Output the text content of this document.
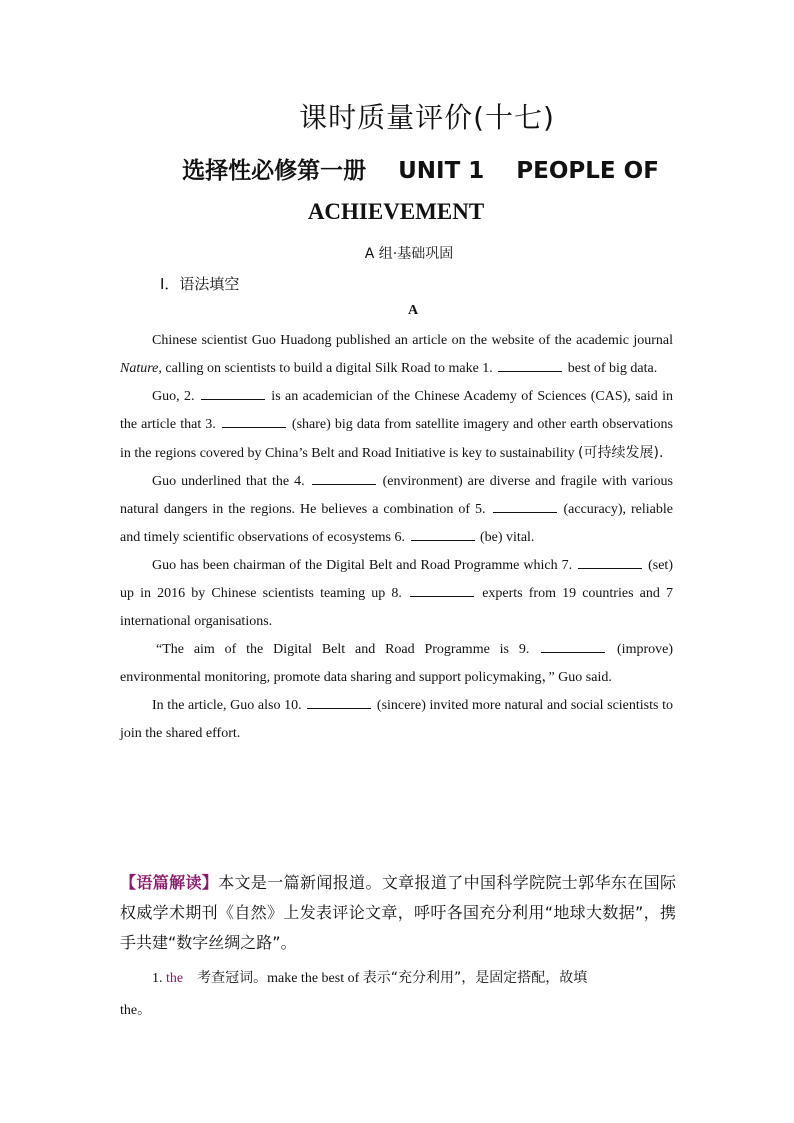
课时质量评价(十七)
选择性必修第一册    UNIT 1    PEOPLE OF
ACHIEVEMENT
A 组·基础巩固
Ⅰ．语法填空
A

Chinese scientist Guo Huadong published an article on the website of the academic journal Nature, calling on scientists to build a digital Silk Road to make 1.	best of big data.

Guo, 2.	is an academician of the Chinese Academy of Sciences (CAS), said in the article that 3.	(share) big data from satellite imagery and other earth observations in the regions covered by China’s Belt and Road Initiative is key to sustainability (可持续发展).

Guo underlined that the 4.	(environment) are diverse and fragile with various natural dangers in the regions. He believes a combination of 5.	(accuracy), reliable and timely scientific observations of ecosystems 6.	(be) vital.

Guo has been chairman of the Digital Belt and Road Programme which 7.	(set) up in 2016 by Chinese scientists teaming up 8.	experts from 19 countries and 7 international organisations.

“The aim of the Digital Belt and Road Programme is 9.	(improve) environmental monitoring, promote data sharing and support policymaking，” Guo said.

In the article, Guo also 10.	(sincere) invited more natural and social scientists to join the shared effort.

【语篇解读】本文是一篇新闻报道。文章报道了中国科学院院士郭华东在国际权威学术期刊《自然》上发表评论文章，呼吁各国充分利用“地球大数据”，携手共建“数字丝绸之路”。
1. the 考查冠词。make the best of 表示“充分利用”，是固定搭配，故填
the。
